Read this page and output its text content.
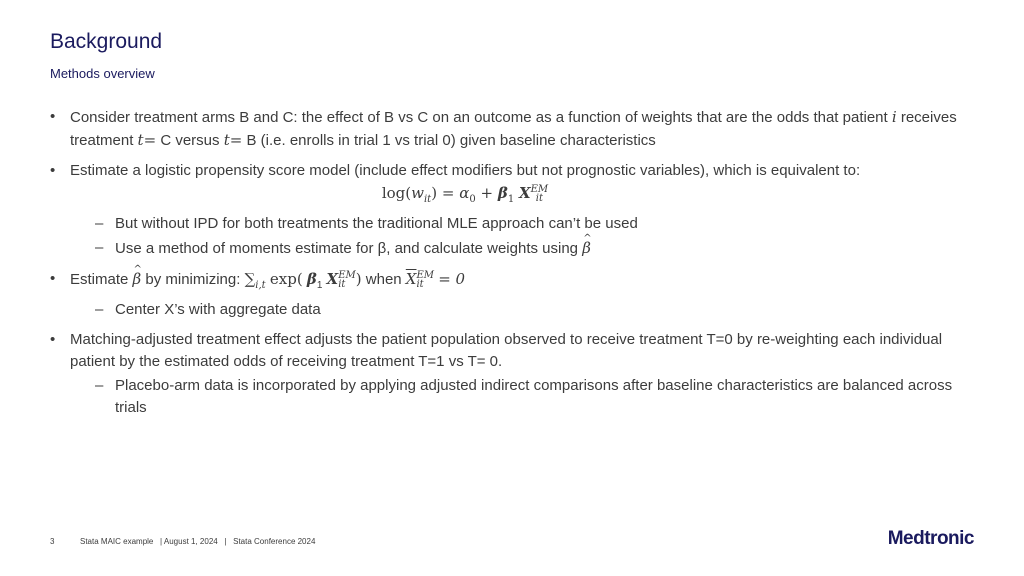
Background
Methods overview
• Consider treatment arms B and C: the effect of B vs C on an outcome as a function of weights that are the odds that patient i receives treatment t= C versus t= B (i.e. enrolls in trial 1 vs trial 0) given baseline characteristics
• Estimate a logistic propensity score model (include effect modifiers but not prognostic variables), which is equivalent to:
$\log(w_{it}) = \alpha_0 + \beta_1$ X EM
it
– But without IPD for both treatments the traditional MLE approach can’t be used
– Use a method of moments estimate for β, and calculate weights using β ^
• Estimate β ^ by minimizing: $\sum_{i,t}$ exp( $\beta_1$ X EM
it ) when $\overline{X}$ EM
it = 0
– Center X’s with aggregate data
• Matching-adjusted treatment effect adjusts the patient population observed to receive treatment T=0 by re-weighting each individual patient by the estimated odds of receiving treatment T=1 vs T= 0.
– Placebo-arm data is incorporated by applying adjusted indirect comparisons after baseline characteristics are balanced across trials
3	Stata MAIC example   | August 1, 2024   |   Stata Conference 2024	Medtronic
